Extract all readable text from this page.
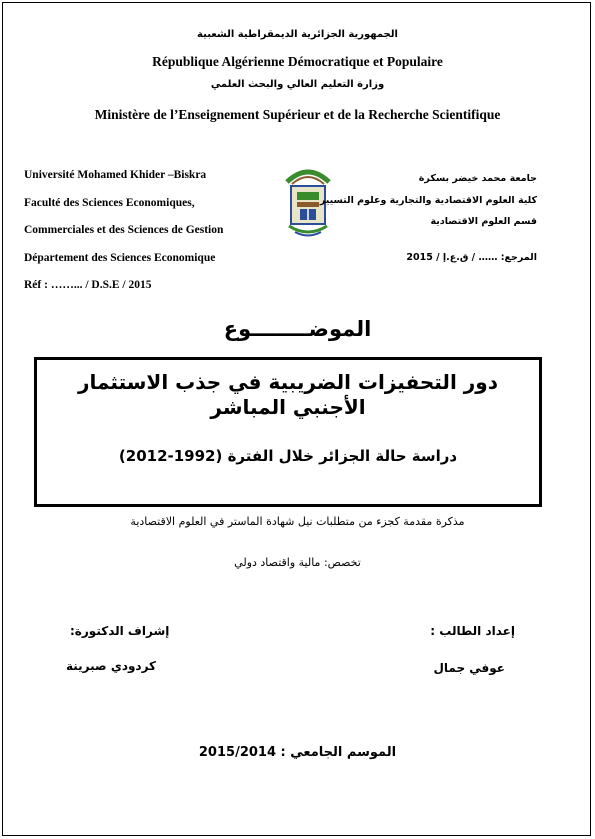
الجمهورية الجزائرية الديمقراطية الشعبية
République Algérienne Démocratique et Populaire
وزارة التعليم العالي والبحث العلمي
Ministère de l’Enseignement Supérieur et de la Recherche Scientifique
Université Mohamed Khider –Biskra
Faculté des Sciences Economiques,
Commerciales et des Sciences de Gestion
Département des Sciences Economique
Réf : ……... / D.S.E / 2015
جامعة محمد خيضر بسكرة
كلية العلوم الاقتصادية والتجارية وعلوم التسيير
قسم العلوم الاقتصادية
المرجع: …… / ق.ع.إ / 2015
الموضــــــــوع
دور التحفيزات الضريبية في جذب الاستثمار الأجنبي المباشر
دراسة حالة الجزائر خلال الفترة (1992-2012)
مذكرة مقدمة كجزء من متطلبات نيل شهادة الماستر في العلوم الاقتصادية
تخصص: مالية واقتصاد دولي
إعداد الطالب :
عوفي جمال
إشراف الدكتورة:
كردودي صبرينة
الموسم الجامعي : 2015/2014
